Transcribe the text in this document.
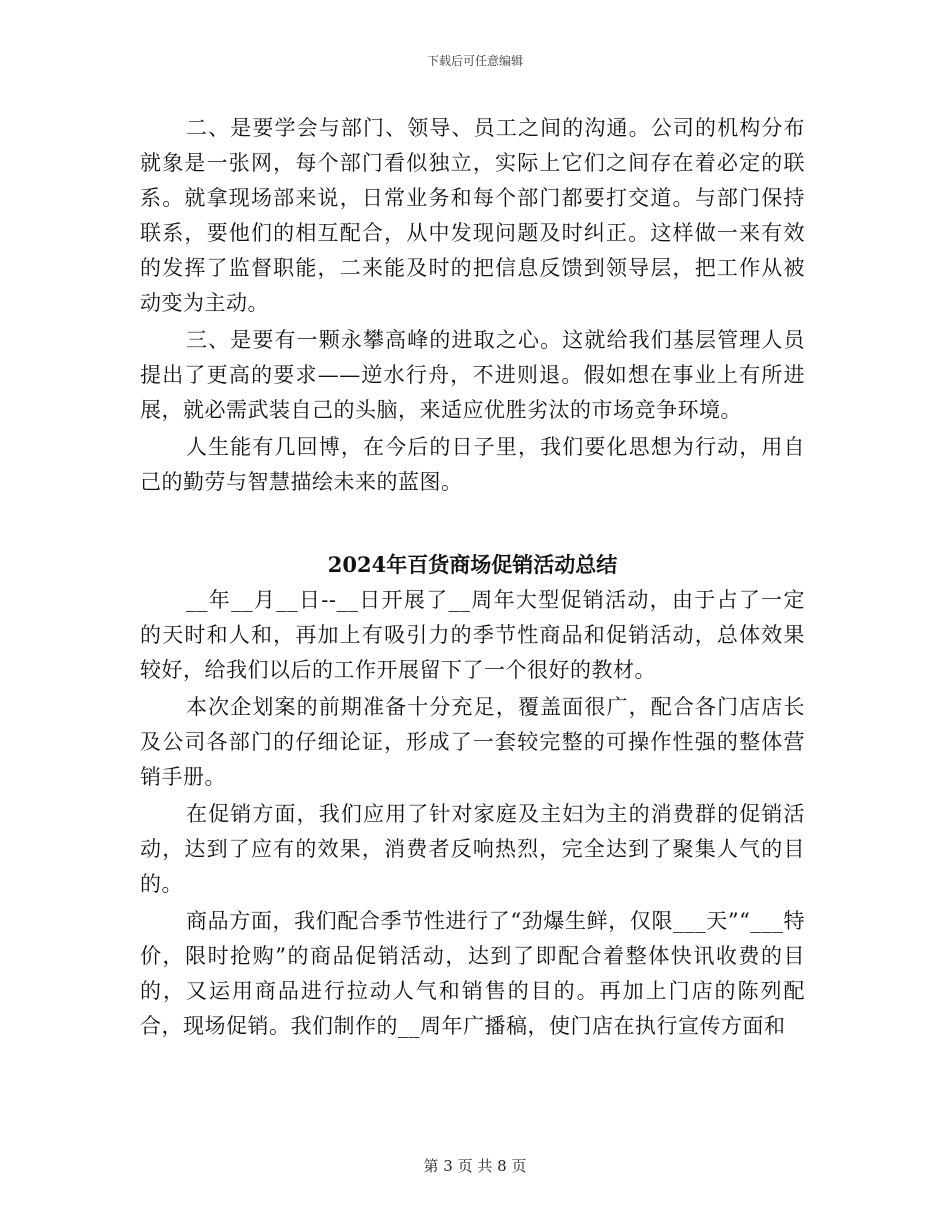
下载后可任意编辑

二、是要学会与部门、领导、员工之间的沟通。公司的机构分布就象是一张网，每个部门看似独立，实际上它们之间存在着必定的联系。就拿现场部来说，日常业务和每个部门都要打交道。与部门保持联系，要他们的相互配合，从中发现问题及时纠正。这样做一来有效的发挥了监督职能，二来能及时的把信息反馈到领导层，把工作从被动变为主动。

三、是要有一颗永攀高峰的进取之心。这就给我们基层管理人员提出了更高的要求——逆水行舟，不进则退。假如想在事业上有所进展，就必需武装自己的头脑，来适应优胜劣汰的市场竞争环境。

人生能有几回博，在今后的日子里，我们要化思想为行动，用自己的勤劳与智慧描绘未来的蓝图。

2024年百货商场促销活动总结

__年__月__日--__日开展了__周年大型促销活动，由于占了一定的天时和人和，再加上有吸引力的季节性商品和促销活动，总体效果较好，给我们以后的工作开展留下了一个很好的教材。

本次企划案的前期准备十分充足，覆盖面很广，配合各门店店长及公司各部门的仔细论证，形成了一套较完整的可操作性强的整体营销手册。

在促销方面，我们应用了针对家庭及主妇为主的消费群的促销活动，达到了应有的效果，消费者反响热烈，完全达到了聚集人气的目的。

商品方面，我们配合季节性进行了“劲爆生鲜，仅限___天”“___特价，限时抢购”的商品促销活动，达到了即配合着整体快讯收费的目的，又运用商品进行拉动人气和销售的目的。再加上门店的陈列配合，现场促销。我们制作的__周年广播稿，使门店在执行宣传方面和

第 3 页 共 8 页
